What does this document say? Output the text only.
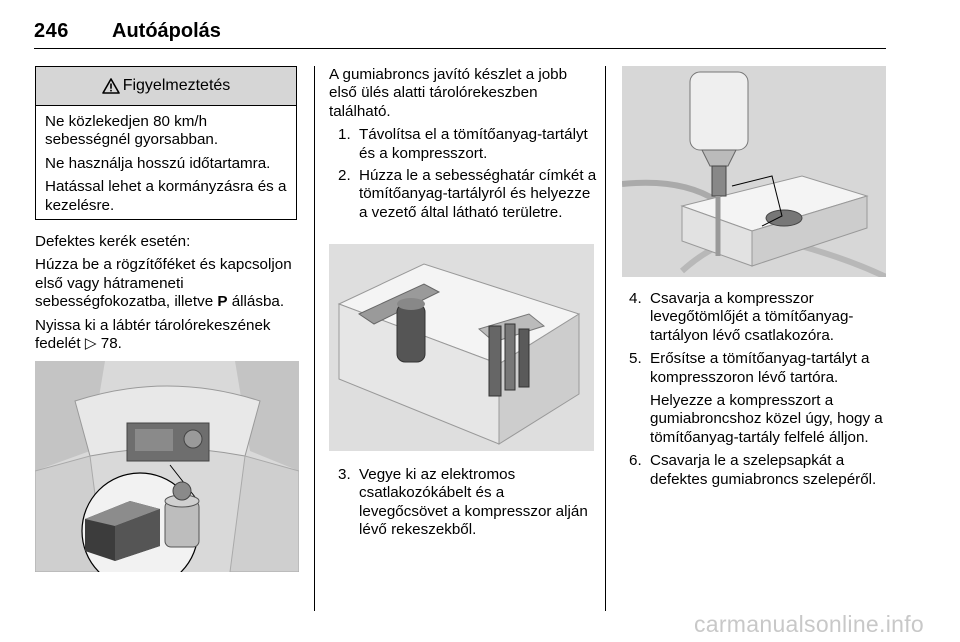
246 Autóápolás
Figyelmeztetés

Ne közlekedjen 80 km/h sebességnél gyorsabban.

Ne használja hosszú időtartamra.

Hatással lehet a kormányzásra és a kezelésre.

Defektes kerék esetén:

Húzza be a rögzítőféket és kapcsoljon első vagy hátrameneti sebességfokozatba, illetve P állásba.

Nyissa ki a lábtér tárolórekeszének fedelét ▷ 78.

A gumiabroncs javító készlet a jobb első ülés alatti tárolórekeszben található.

1. Távolítsa el a tömítőanyag-tartályt és a kompresszort.
2. Húzza le a sebességhatár címkét a tömítőanyag-tartályról és helyezze a vezető által látható területre.
3. Vegye ki az elektromos csatlakozókábelt és a levegőcsövet a kompresszor alján lévő rekeszekből.
4. Csavarja a kompresszor levegőtömlőjét a tömítőanyag-tartályon lévő csatlakozóra.
5. Erősítse a tömítőanyag-tartályt a kompresszoron lévő tartóra.
Helyezze a kompresszort a gumiabroncshoz közel úgy, hogy a tömítőanyag-tartály felfelé álljon.
6. Csavarja le a szelepsapkát a defektes gumiabroncs szelepéről.
carmanualsonline.info
